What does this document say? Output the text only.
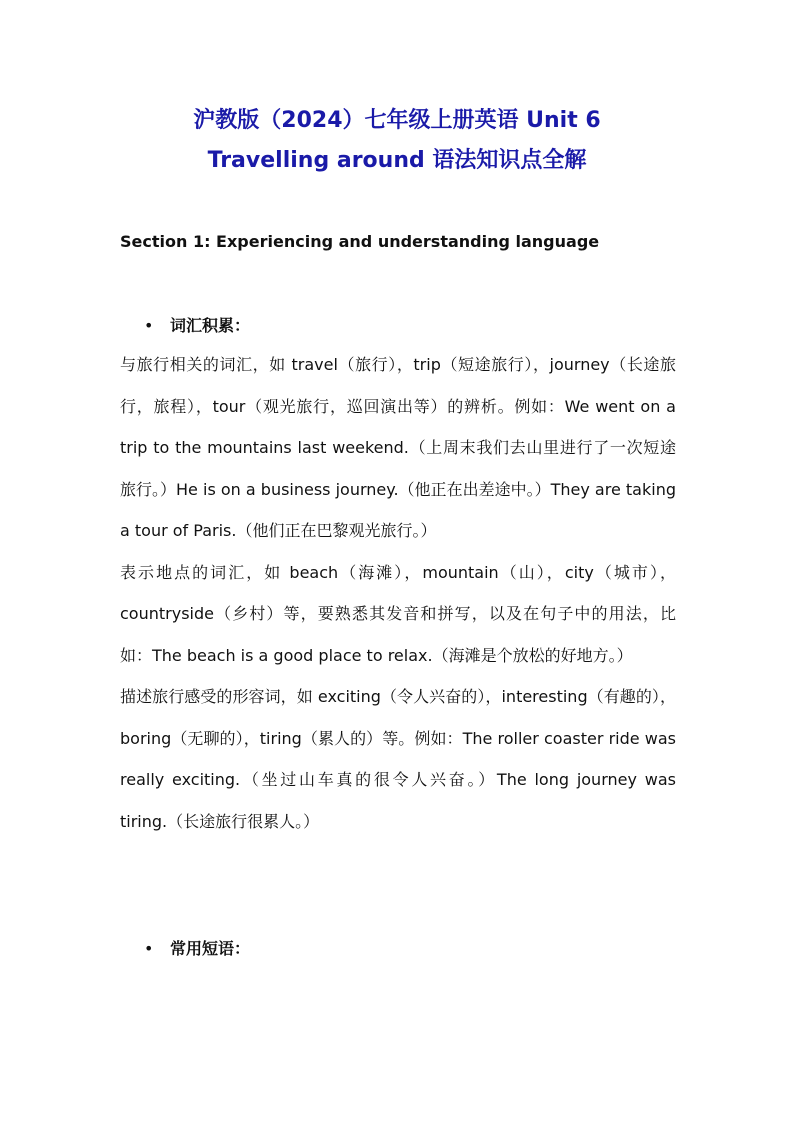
沪教版（2024）七年级上册英语 Unit 6
Travelling around 语法知识点全解
Section 1: Experiencing and understanding language
• 词汇积累：

与旅行相关的词汇，如 travel（旅行），trip（短途旅行），journey（长途旅行，旅程），tour（观光旅行，巡回演出等）的辨析。例如：We went on a trip to the mountains last weekend.（上周末我们去山里进行了一次短途旅行。）He is on a business journey.（他正在出差途中。）They are taking a tour of Paris.（他们正在巴黎观光旅行。）

表示地点的词汇，如 beach（海滩），mountain（山），city（城市），countryside（乡村）等，要熟悉其发音和拼写，以及在句子中的用法，比如：The beach is a good place to relax.（海滩是个放松的好地方。）

描述旅行感受的形容词，如 exciting（令人兴奋的），interesting（有趣的），boring（无聊的），tiring（累人的）等。例如：The roller coaster ride was really exciting.（坐过山车真的很令人兴奋。）The long journey was tiring.（长途旅行很累人。）

• 常用短语：
